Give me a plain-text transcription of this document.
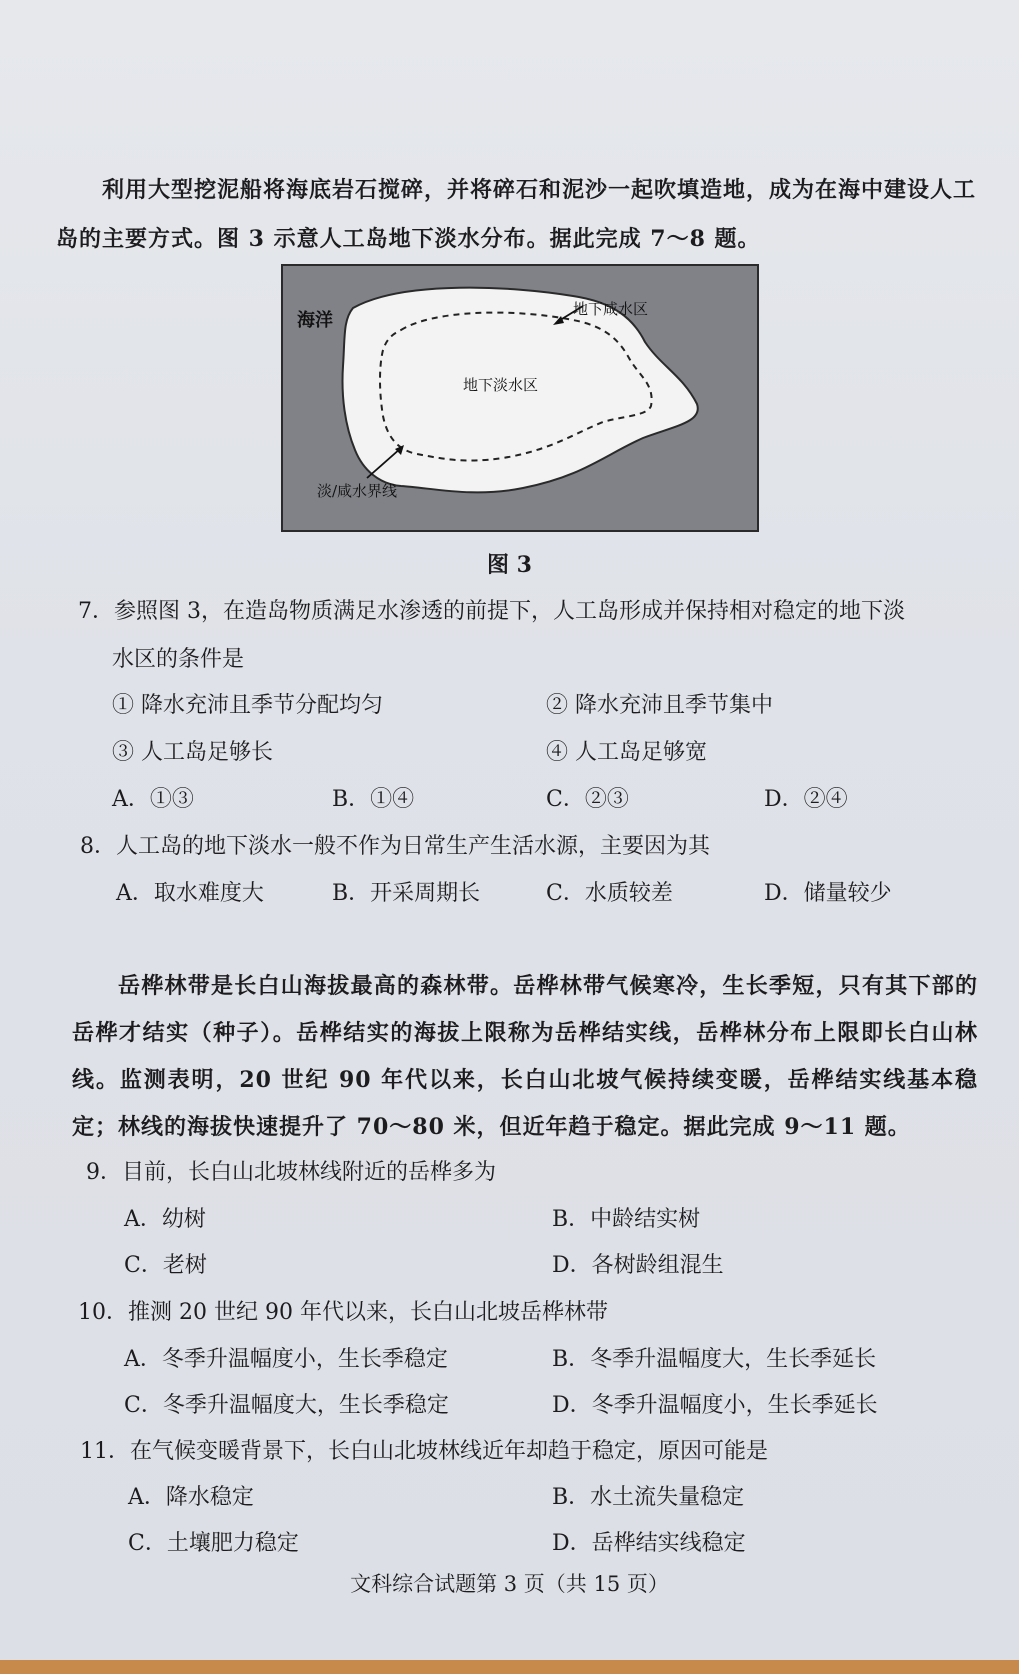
利用大型挖泥船将海底岩石搅碎，并将碎石和泥沙一起吹填造地，成为在海中建设人工岛的主要方式。图 3 示意人工岛地下淡水分布。据此完成 7～8 题。

海洋
地下咸水区
地下淡水区
淡/咸水界线
图 3
7．参照图 3，在造岛物质满足水渗透的前提下，人工岛形成并保持相对稳定的地下淡
水区的条件是
① 降水充沛且季节分配均匀	② 降水充沛且季节集中
③ 人工岛足够长	④ 人工岛足够宽
A．①③	B．①④	C．②③	D．②④
8．人工岛的地下淡水一般不作为日常生产生活水源，主要因为其
A．取水难度大	B．开采周期长	C．水质较差	D．储量较少

岳桦林带是长白山海拔最高的森林带。岳桦林带气候寒冷，生长季短，只有其下部的岳桦才结实（种子）。岳桦结实的海拔上限称为岳桦结实线，岳桦林分布上限即长白山林线。监测表明，20 世纪 90 年代以来，长白山北坡气候持续变暖，岳桦结实线基本稳定；林线的海拔快速提升了 70～80 米，但近年趋于稳定。据此完成 9～11 题。

9．目前，长白山北坡林线附近的岳桦多为
A．幼树	B．中龄结实树
C．老树	D．各树龄组混生
10．推测 20 世纪 90 年代以来，长白山北坡岳桦林带
A．冬季升温幅度小，生长季稳定	B．冬季升温幅度大，生长季延长
C．冬季升温幅度大，生长季稳定	D．冬季升温幅度小，生长季延长
11．在气候变暖背景下，长白山北坡林线近年却趋于稳定，原因可能是
A．降水稳定	B．水土流失量稳定
C．土壤肥力稳定	D．岳桦结实线稳定
文科综合试题第 3 页（共 15 页）
